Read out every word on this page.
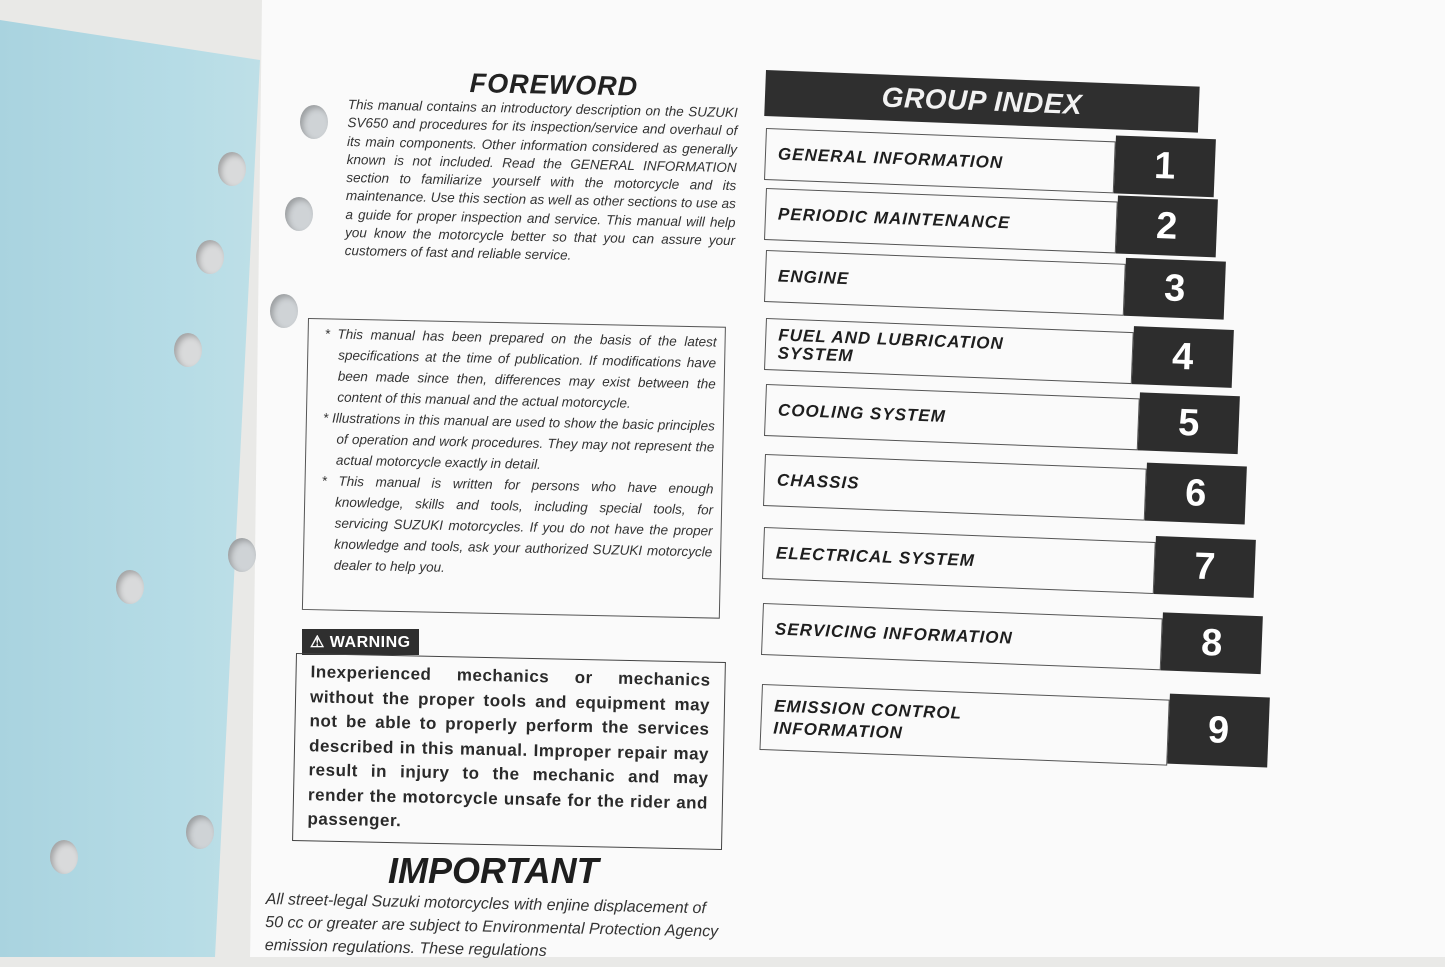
FOREWORD
This manual contains an introductory description on the SUZUKI SV650 and procedures for its inspection/service and overhaul of its main components. Other information considered as generally known is not included. Read the GENERAL INFORMATION section to familiarize yourself with the motorcycle and its maintenance. Use this section as well as other sections to use as a guide for proper inspection and service. This manual will help you know the motorcycle better so that you can assure your customers of fast and reliable service.

* This manual has been prepared on the basis of the latest specifications at the time of publication. If modifications have been made since then, differences may exist between the content of this manual and the actual motorcycle.

* Illustrations in this manual are used to show the basic principles of operation and work procedures. They may not represent the actual motorcycle exactly in detail.

* This manual is written for persons who have enough knowledge, skills and tools, including special tools, for servicing SUZUKI motorcycles. If you do not have the proper knowledge and tools, ask your authorized SUZUKI motorcycle dealer to help you.

⚠ WARNING
Inexperienced mechanics or mechanics without the proper tools and equipment may not be able to properly perform the services described in this manual. Improper repair may result in injury to the mechanic and may render the motorcycle unsafe for the rider and passenger.
IMPORTANT
All street-legal Suzuki motorcycles with enjine displacement of 50 cc or greater are subject to Environmental Protection Agency emission regulations. These regulations
GROUP INDEX
GENERAL INFORMATION	1
PERIODIC MAINTENANCE	2
ENGINE	3
FUEL AND LUBRICATION
SYSTEM	4
COOLING SYSTEM	5
CHASSIS	6
ELECTRICAL SYSTEM	7
SERVICING INFORMATION	8
EMISSION CONTROL
INFORMATION	9
